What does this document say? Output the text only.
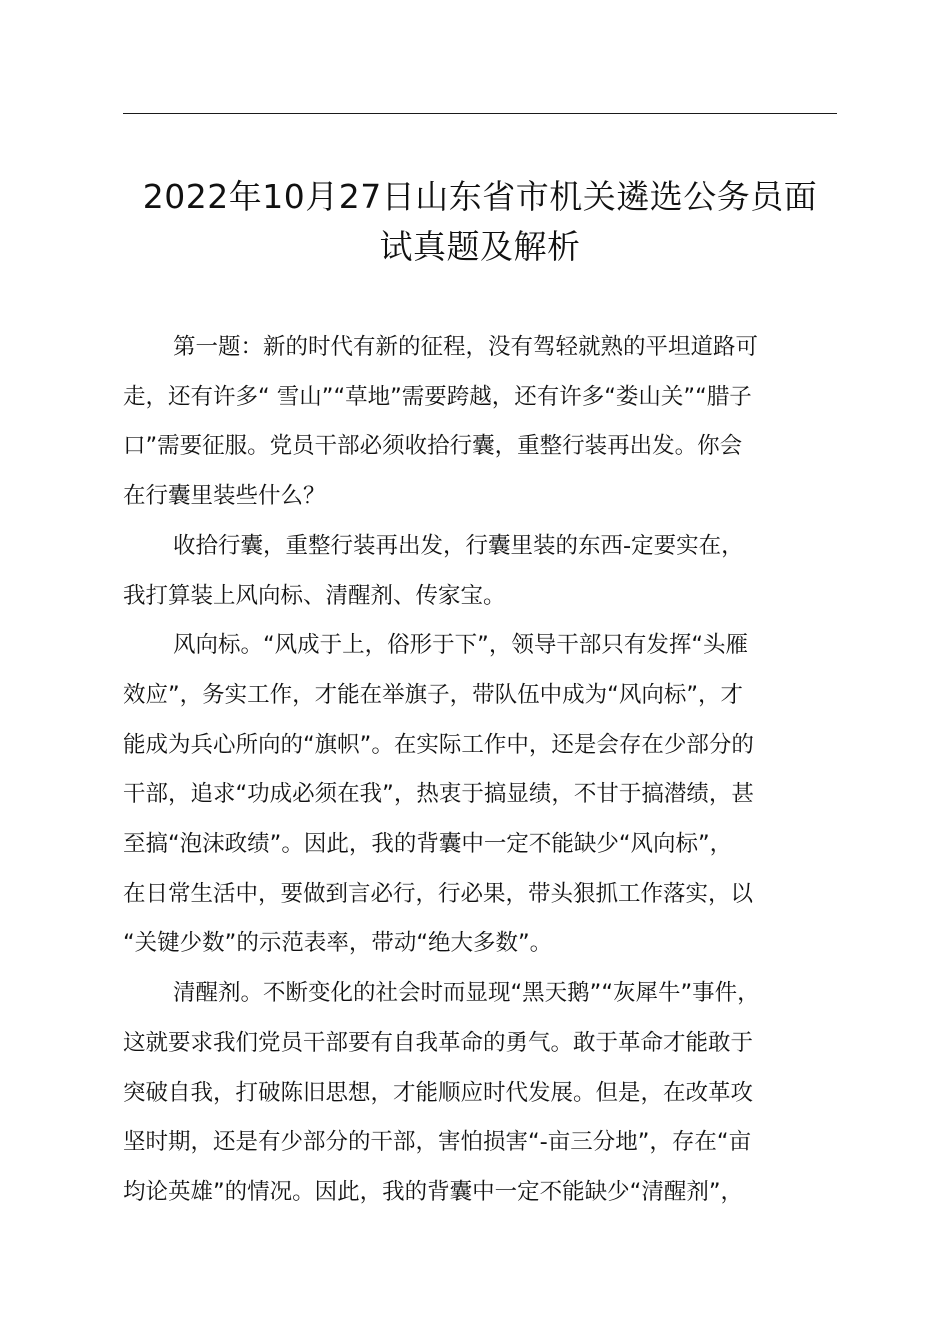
2022年10月27日山东省市机关遴选公务员面
试真题及解析
第一题：新的时代有新的征程，没有驾轻就熟的平坦道路可
走，还有许多“ 雪山”“草地”需要跨越，还有许多“娄山关”“腊子
口”需要征服。党员干部必须收拾行囊，重整行装再出发。你会
在行囊里装些什么？
收拾行囊，重整行装再出发，行囊里装的东西-定要实在，
我打算装上风向标、清醒剂、传家宝。
风向标。“风成于上，俗形于下”，领导干部只有发挥“头雁
效应”，务实工作，才能在举旗子，带队伍中成为“风向标”，才
能成为兵心所向的“旗帜”。在实际工作中，还是会存在少部分的
干部，追求“功成必须在我”，热衷于搞显绩，不甘于搞潜绩，甚
至搞“泡沫政绩”。因此，我的背囊中一定不能缺少“风向标”，
在日常生活中，要做到言必行，行必果，带头狠抓工作落实，以
“关键少数”的示范表率，带动“绝大多数”。
清醒剂。不断变化的社会时而显现“黑天鹅”“灰犀牛”事件，
这就要求我们党员干部要有自我革命的勇气。敢于革命才能敢于
突破自我，打破陈旧思想，才能顺应时代发展。但是，在改革攻
坚时期，还是有少部分的干部，害怕损害“-亩三分地”，存在“亩
均论英雄”的情况。因此，我的背囊中一定不能缺少“清醒剂”，
